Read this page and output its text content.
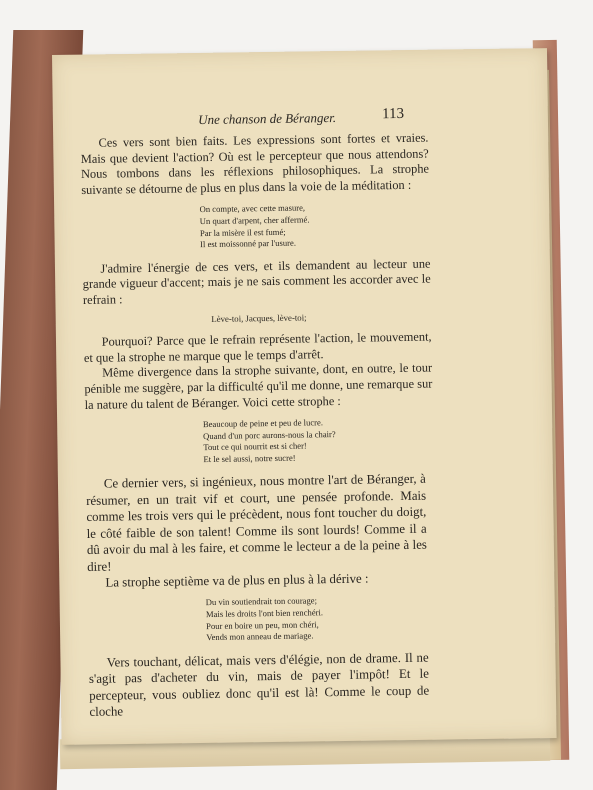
Une chanson de Béranger.	113

Ces vers sont bien faits. Les expressions sont fortes et vraies. Mais que devient l'action? Où est le percepteur que nous attendons? Nous tombons dans les réflexions philosophiques. La strophe suivante se détourne de plus en plus dans la voie de la méditation :

On compte, avec cette masure,
Un quart d'arpent, cher affermé.
Par la misère il est fumé;
Il est moissonné par l'usure.

J'admire l'énergie de ces vers, et ils demandent au lecteur une grande vigueur d'accent; mais je ne sais comment les accorder avec le refrain :

Lève-toi, Jacques, lève-toi;

Pourquoi? Parce que le refrain représente l'action, le mouvement, et que la strophe ne marque que le temps d'arrêt.

Même divergence dans la strophe suivante, dont, en outre, le tour pénible me suggère, par la difficulté qu'il me donne, une remarque sur la nature du talent de Béranger. Voici cette strophe :

Beaucoup de peine et peu de lucre.
Quand d'un porc aurons-nous la chair?
Tout ce qui nourrit est si cher!
Et le sel aussi, notre sucre!

Ce dernier vers, si ingénieux, nous montre l'art de Béranger, à résumer, en un trait vif et court, une pensée profonde. Mais comme les trois vers qui le précèdent, nous font toucher du doigt, le côté faible de son talent! Comme ils sont lourds! Comme il a dû avoir du mal à les faire, et comme le lecteur a de la peine à les dire!

La strophe septième va de plus en plus à la dérive :

Du vin soutiendrait ton courage;
Mais les droits l'ont bien renchéri.
Pour en boire un peu, mon chéri,
Vends mon anneau de mariage.

Vers touchant, délicat, mais vers d'élégie, non de drame. Il ne s'agit pas d'acheter du vin, mais de payer l'impôt! Et le percepteur, vous oubliez donc qu'il est là! Comme le coup de cloche
